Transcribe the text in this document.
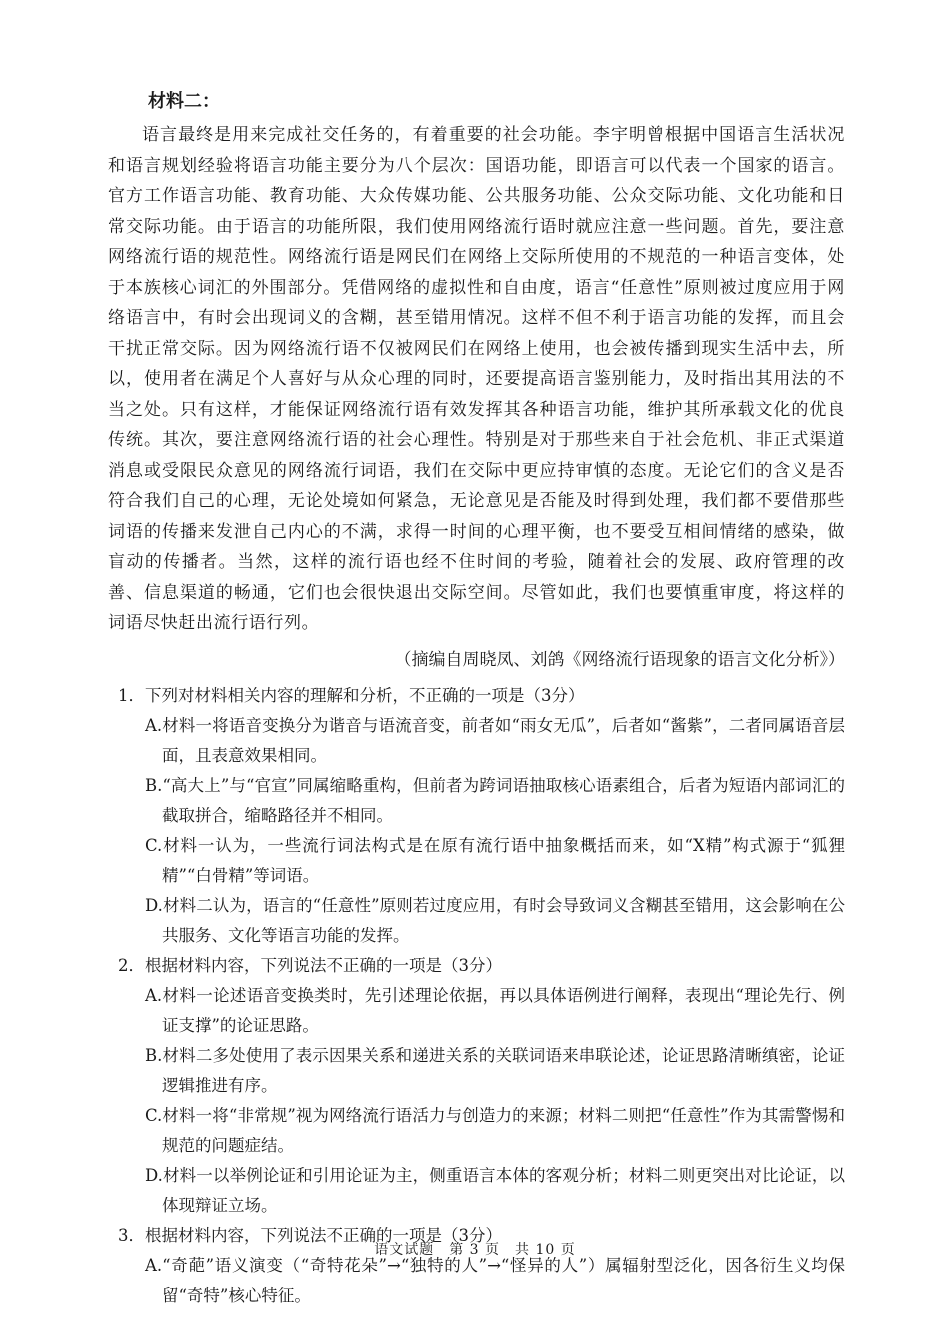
材料二：

语言最终是用来完成社交任务的，有着重要的社会功能。李宇明曾根据中国语言生活状况和语言规划经验将语言功能主要分为八个层次：国语功能，即语言可以代表一个国家的语言。官方工作语言功能、教育功能、大众传媒功能、公共服务功能、公众交际功能、文化功能和日常交际功能。由于语言的功能所限，我们使用网络流行语时就应注意一些问题。首先，要注意网络流行语的规范性。网络流行语是网民们在网络上交际所使用的不规范的一种语言变体，处于本族核心词汇的外围部分。凭借网络的虚拟性和自由度，语言“任意性”原则被过度应用于网络语言中，有时会出现词义的含糊，甚至错用情况。这样不但不利于语言功能的发挥，而且会干扰正常交际。因为网络流行语不仅被网民们在网络上使用，也会被传播到现实生活中去，所以，使用者在满足个人喜好与从众心理的同时，还要提高语言鉴别能力，及时指出其用法的不当之处。只有这样，才能保证网络流行语有效发挥其各种语言功能，维护其所承载文化的优良传统。其次，要注意网络流行语的社会心理性。特别是对于那些来自于社会危机、非正式渠道消息或受限民众意见的网络流行词语，我们在交际中更应持审慎的态度。无论它们的含义是否符合我们自己的心理，无论处境如何紧急，无论意见是否能及时得到处理，我们都不要借那些词语的传播来发泄自己内心的不满，求得一时间的心理平衡，也不要受互相间情绪的感染，做盲动的传播者。当然，这样的流行语也经不住时间的考验，随着社会的发展、政府管理的改善、信息渠道的畅通，它们也会很快退出交际空间。尽管如此，我们也要慎重审度，将这样的词语尽快赶出流行语行列。

（摘编自周晓凤、刘鸽《网络流行语现象的语言文化分析》）

1．下列对材料相关内容的理解和分析，不正确的一项是（3分）

A.材料一将语音变换分为谐音与语流音变，前者如“雨女无瓜”，后者如“酱紫”，二者同属语音层面，且表意效果相同。

B.“高大上”与“官宣”同属缩略重构，但前者为跨词语抽取核心语素组合，后者为短语内部词汇的截取拼合，缩略路径并不相同。

C.材料一认为，一些流行词法构式是在原有流行语中抽象概括而来，如“X精”构式源于“狐狸精”“白骨精”等词语。

D.材料二认为，语言的“任意性”原则若过度应用，有时会导致词义含糊甚至错用，这会影响在公共服务、文化等语言功能的发挥。

2．根据材料内容，下列说法不正确的一项是（3分）

A.材料一论述语音变换类时，先引述理论依据，再以具体语例进行阐释，表现出“理论先行、例证支撑”的论证思路。

B.材料二多处使用了表示因果关系和递进关系的关联词语来串联论述，论证思路清晰缜密，论证逻辑推进有序。

C.材料一将“非常规”视为网络流行语活力与创造力的来源；材料二则把“任意性”作为其需警惕和规范的问题症结。

D.材料一以举例论证和引用论证为主，侧重语言本体的客观分析；材料二则更突出对比论证，以体现辩证立场。

3．根据材料内容，下列说法不正确的一项是（3分）

A.“奇葩”语义演变（“奇特花朵”→“独特的人”→“怪异的人”）属辐射型泛化，因各衍生义均保留“奇特”核心特征。

语文试题　第 3 页　共 10 页
